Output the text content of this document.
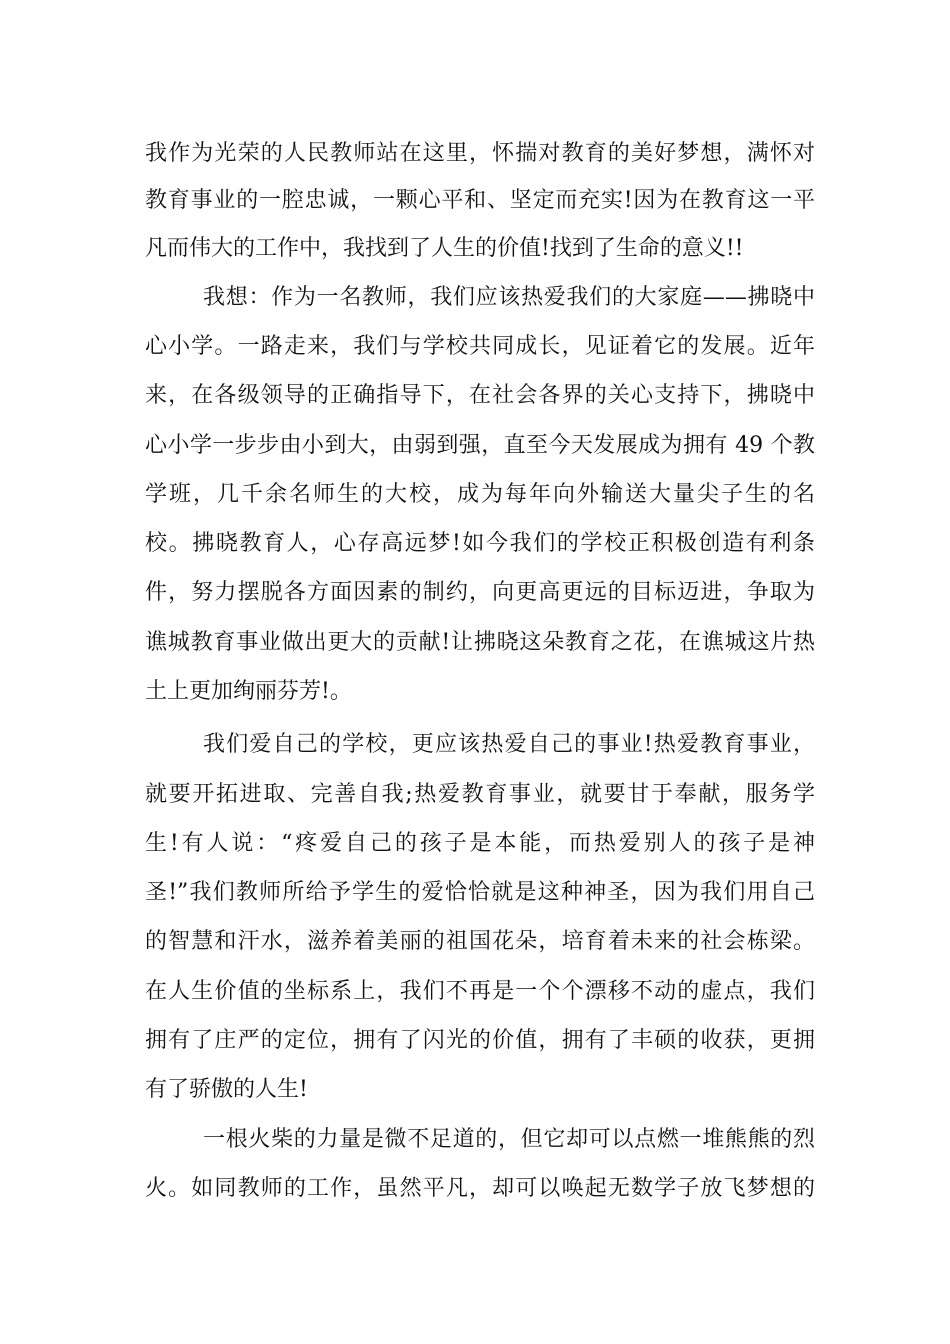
我作为光荣的人民教师站在这里，怀揣对教育的美好梦想，满怀对
教育事业的一腔忠诚，一颗心平和、坚定而充实!因为在教育这一平
凡而伟大的工作中，我找到了人生的价值!找到了生命的意义!!
我想：作为一名教师，我们应该热爱我们的大家庭——拂晓中
心小学。一路走来，我们与学校共同成长，见证着它的发展。近年
来，在各级领导的正确指导下，在社会各界的关心支持下，拂晓中
心小学一步步由小到大，由弱到强，直至今天发展成为拥有 49 个教
学班，几千余名师生的大校，成为每年向外输送大量尖子生的名
校。拂晓教育人，心存高远梦!如今我们的学校正积极创造有利条
件，努力摆脱各方面因素的制约，向更高更远的目标迈进，争取为
谯城教育事业做出更大的贡献!让拂晓这朵教育之花，在谯城这片热
土上更加绚丽芬芳!。
我们爱自己的学校，更应该热爱自己的事业!热爱教育事业，
就要开拓进取、完善自我;热爱教育事业，就要甘于奉献，服务学
生!有人说：“疼爱自己的孩子是本能，而热爱别人的孩子是神
圣!”我们教师所给予学生的爱恰恰就是这种神圣，因为我们用自己
的智慧和汗水，滋养着美丽的祖国花朵，培育着未来的社会栋梁。
在人生价值的坐标系上，我们不再是一个个漂移不动的虚点，我们
拥有了庄严的定位，拥有了闪光的价值，拥有了丰硕的收获，更拥
有了骄傲的人生!
一根火柴的力量是微不足道的，但它却可以点燃一堆熊熊的烈
火。如同教师的工作，虽然平凡，却可以唤起无数学子放飞梦想的
